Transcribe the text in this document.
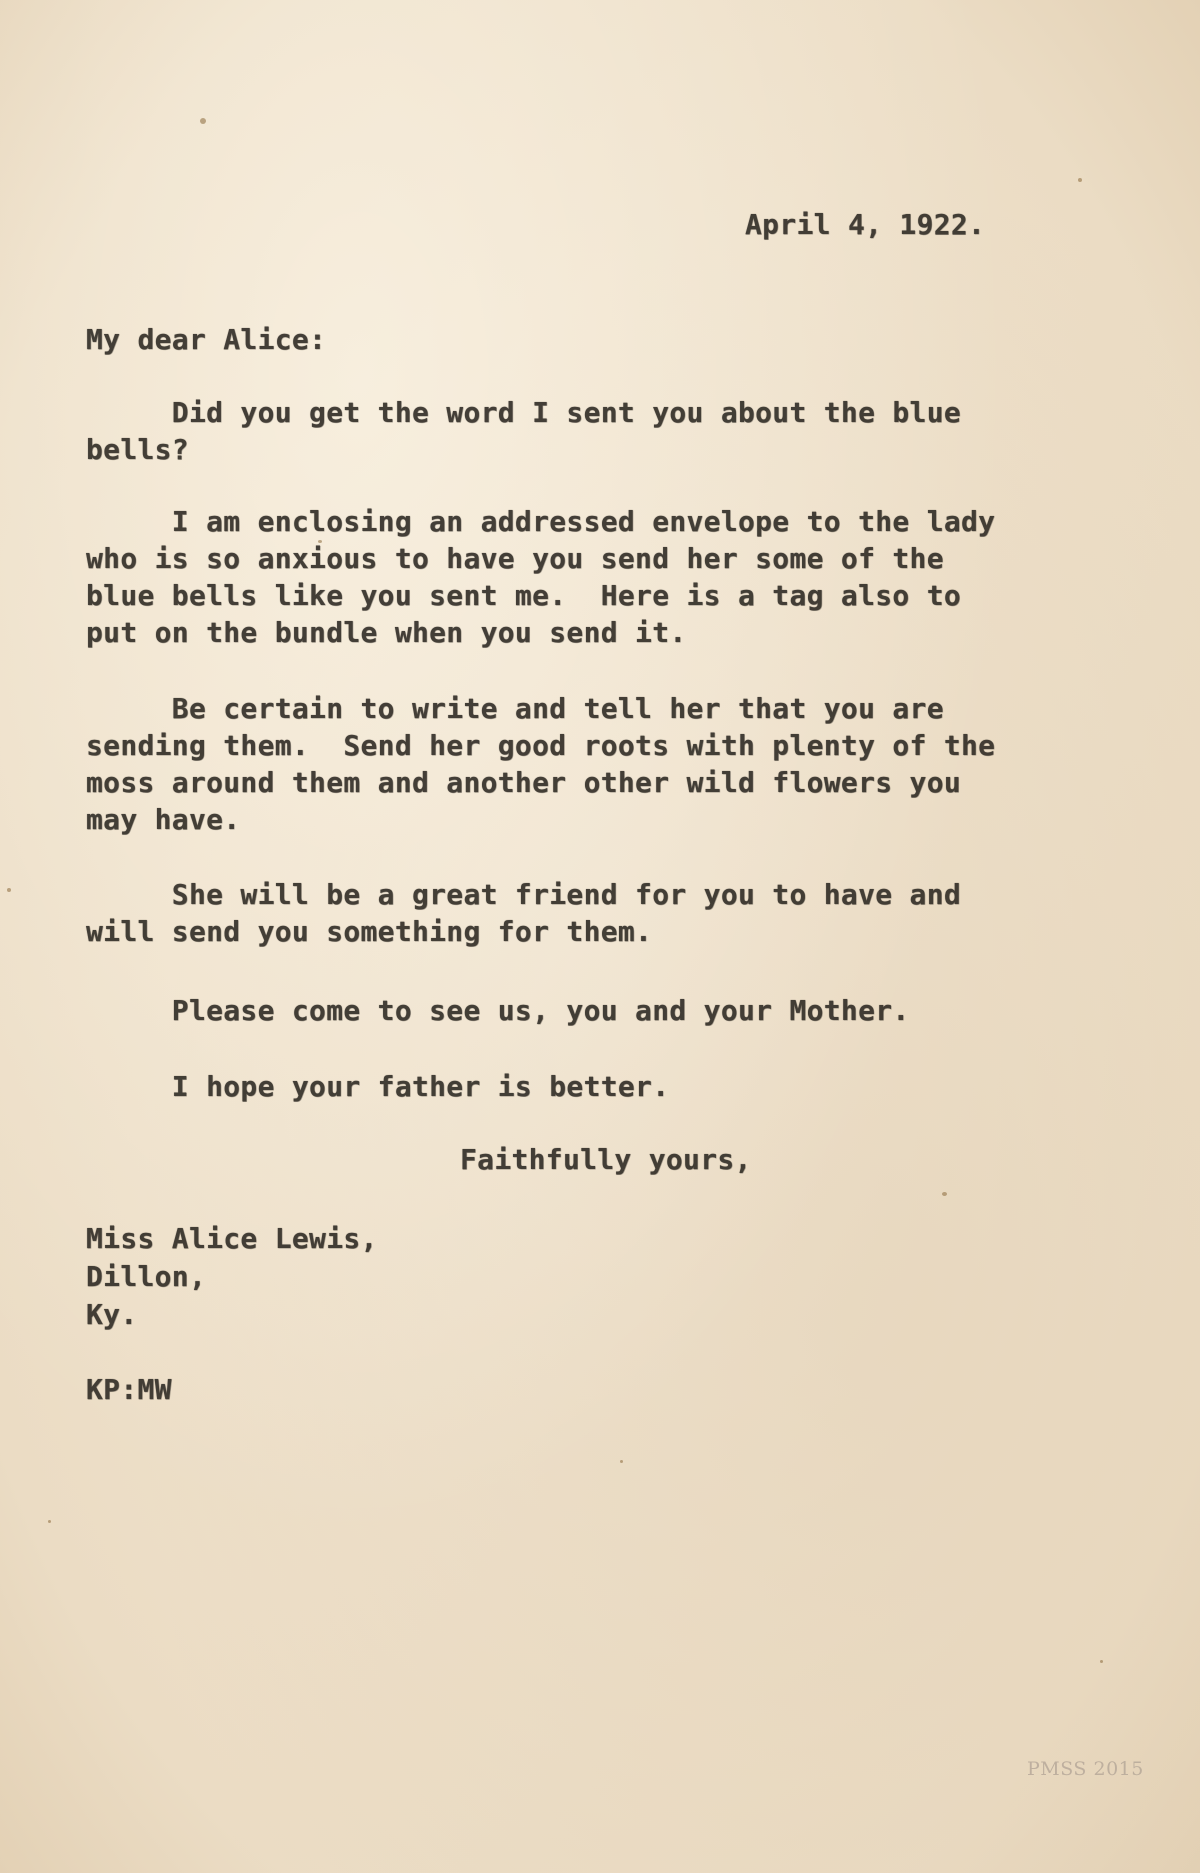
April 4, 1922.
My dear Alice:
Did you get the word I sent you about the blue
bells?
I am enclosing an addressed envelope to the lady
who is so anxious to have you send her some of the
blue bells like you sent me.  Here is a tag also to
put on the bundle when you send it.
Be certain to write and tell her that you are
sending them.  Send her good roots with plenty of the
moss around them and another other wild flowers you
may have.
She will be a great friend for you to have and
will send you something for them.
Please come to see us, you and your Mother.
I hope your father is better.
Faithfully yours,
Miss Alice Lewis,
Dillon,
Ky.
KP:MW
PMSS 2015
